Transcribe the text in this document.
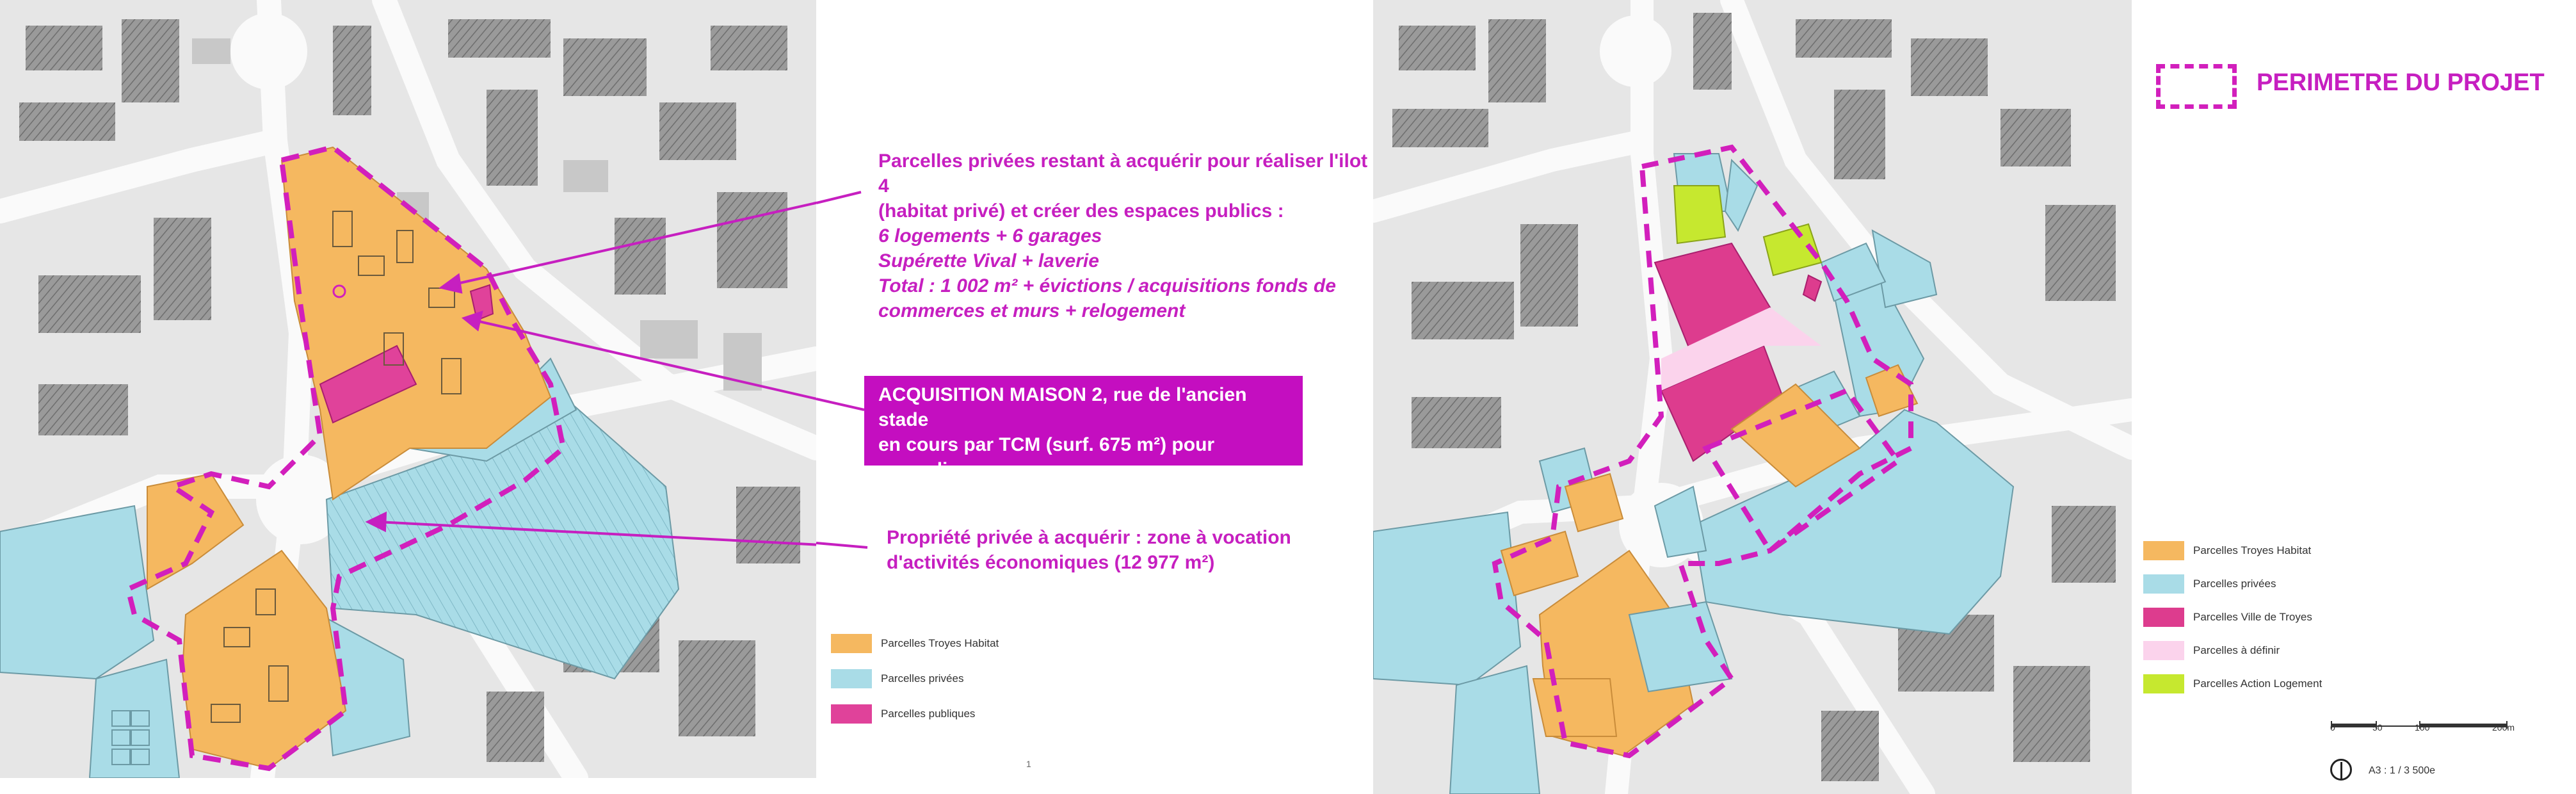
Parcelles privées restant à acquérir pour réaliser l'ilot 4
(habitat privé) et créer des espaces publics :
6 logements + 6 garages
Supérette Vival + laverie
Total : 1 002 m² + évictions / acquisitions fonds de
commerces et murs + relogement
ACQUISITION MAISON 2, rue de l'ancien stade
en cours par TCM (surf. 675 m²) pour agrandir
l'ilot 5 (habitat privé)
Propriété privée à acquérir : zone à vocation
d'activités économiques (12 977 m²)
Parcelles Troyes Habitat
Parcelles privées
Parcelles publiques
1
PERIMETRE DU PROJET
Parcelles Troyes Habitat
Parcelles privées
Parcelles Ville de Troyes
Parcelles à définir
Parcelles Action Logement
0	50	100	200m
A3 : 1 / 3 500e
